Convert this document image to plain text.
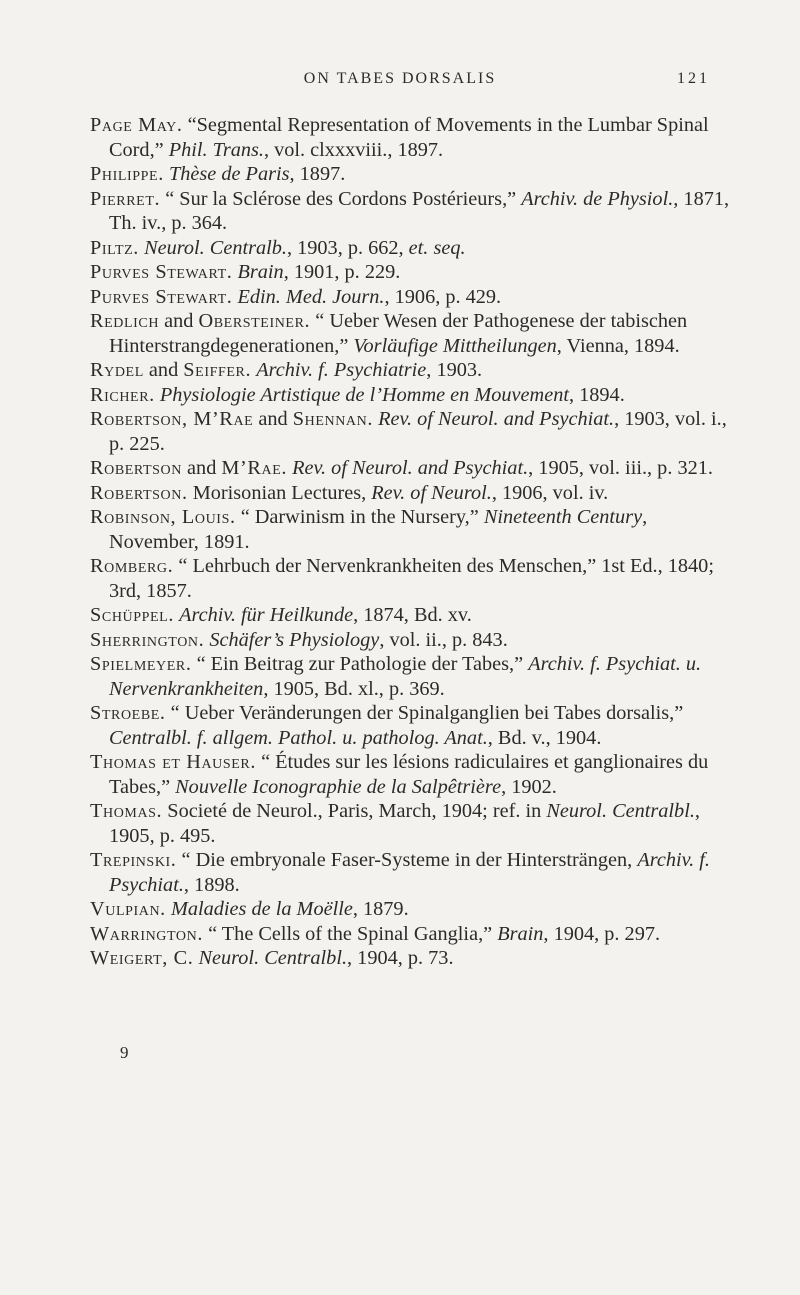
ON TABES DORSALIS	121

Page May. “Segmental Representation of Movements in the Lumbar Spinal Cord,” Phil. Trans., vol. clxxxviii., 1897.

Philippe. Thèse de Paris, 1897.

Pierret. “ Sur la Sclérose des Cordons Postérieurs,” Archiv. de Physiol., 1871, Th. iv., p. 364.

Piltz. Neurol. Centralb., 1903, p. 662, et. seq.

Purves Stewart. Brain, 1901, p. 229.

Purves Stewart. Edin. Med. Journ., 1906, p. 429.

Redlich and Obersteiner. “ Ueber Wesen der Pathogenese der tabischen Hinterstrangdegenerationen,” Vorläufige Mittheilungen, Vienna, 1894.

Rydel and Seiffer. Archiv. f. Psychiatrie, 1903.

Richer. Physiologie Artistique de l’Homme en Mouvement, 1894.

Robertson, M’Rae and Shennan. Rev. of Neurol. and Psychiat., 1903, vol. i., p. 225.

Robertson and M’Rae. Rev. of Neurol. and Psychiat., 1905, vol. iii., p. 321.

Robertson. Morisonian Lectures, Rev. of Neurol., 1906, vol. iv.

Robinson, Louis. “ Darwinism in the Nursery,” Nineteenth Century, November, 1891.

Romberg. “ Lehrbuch der Nervenkrankheiten des Menschen,” 1st Ed., 1840; 3rd, 1857.

Schüppel. Archiv. für Heilkunde, 1874, Bd. xv.

Sherrington. Schäfer’s Physiology, vol. ii., p. 843.

Spielmeyer. “ Ein Beitrag zur Pathologie der Tabes,” Archiv. f. Psychiat. u. Nervenkrankheiten, 1905, Bd. xl., p. 369.

Stroebe. “ Ueber Veränderungen der Spinalganglien bei Tabes dorsalis,” Centralbl. f. allgem. Pathol. u. patholog. Anat., Bd. v., 1904.

Thomas et Hauser. “ Études sur les lésions radiculaires et ganglionaires du Tabes,” Nouvelle Iconographie de la Salpêtrière, 1902.

Thomas. Societé de Neurol., Paris, March, 1904; ref. in Neurol. Centralbl., 1905, p. 495.

Trepinski. “ Die embryonale Faser-Systeme in der Hintersträngen, Archiv. f. Psychiat., 1898.

Vulpian. Maladies de la Moëlle, 1879.

Warrington. “ The Cells of the Spinal Ganglia,” Brain, 1904, p. 297.

Weigert, C. Neurol. Centralbl., 1904, p. 73.

9
